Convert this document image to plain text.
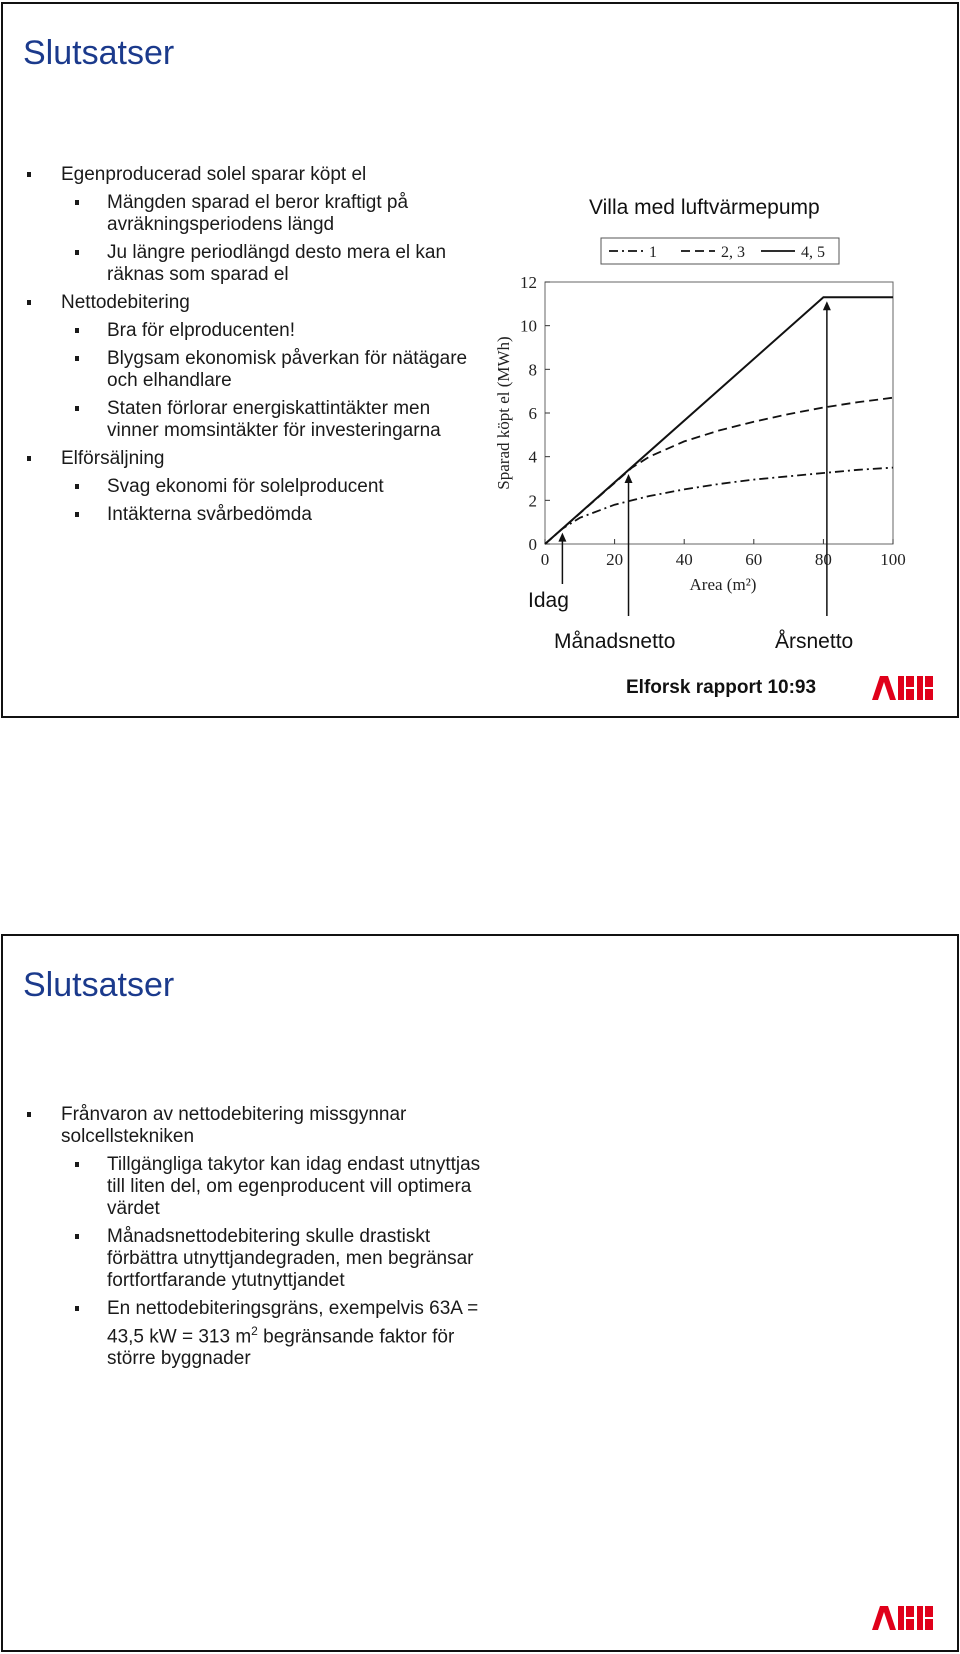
Slutsatser

Egenproducerad solel sparar köpt el

Mängden sparad el beror kraftigt på avräkningsperiodens längd

Ju längre periodlängd desto mera el kan räknas som sparad el

Nettodebitering

Bra för elproducenten!

Blygsam ekonomisk påverkan för nätägare och elhandlare

Staten förlorar energiskattintäkter men vinner momsintäkter för investeringarna

Elförsäljning

Svag ekonomi för solelproducent

Intäkterna svårbedömda

Villa med luftvärmepump
1	2, 3	4, 5
0	20	40	60	80	100
0
2
4
6
8
10
12
Area (m²)
Sparad köpt el (MWh)
Idag
Månadsnetto	Årsnetto
Elforsk rapport 10:93
Slutsatser

Frånvaron av nettodebitering missgynnar solcellstekniken

Tillgängliga takytor kan idag endast utnyttjas till liten del, om egenproducent vill optimera värdet

Månadsnettodebitering skulle drastiskt förbättra utnyttjandegraden, men begränsar fortfortfarande ytutnyttjandet

En nettodebiteringsgräns, exempelvis 63A = 43,5 kW = 313 $m^2$ begränsande faktor för större byggnader
